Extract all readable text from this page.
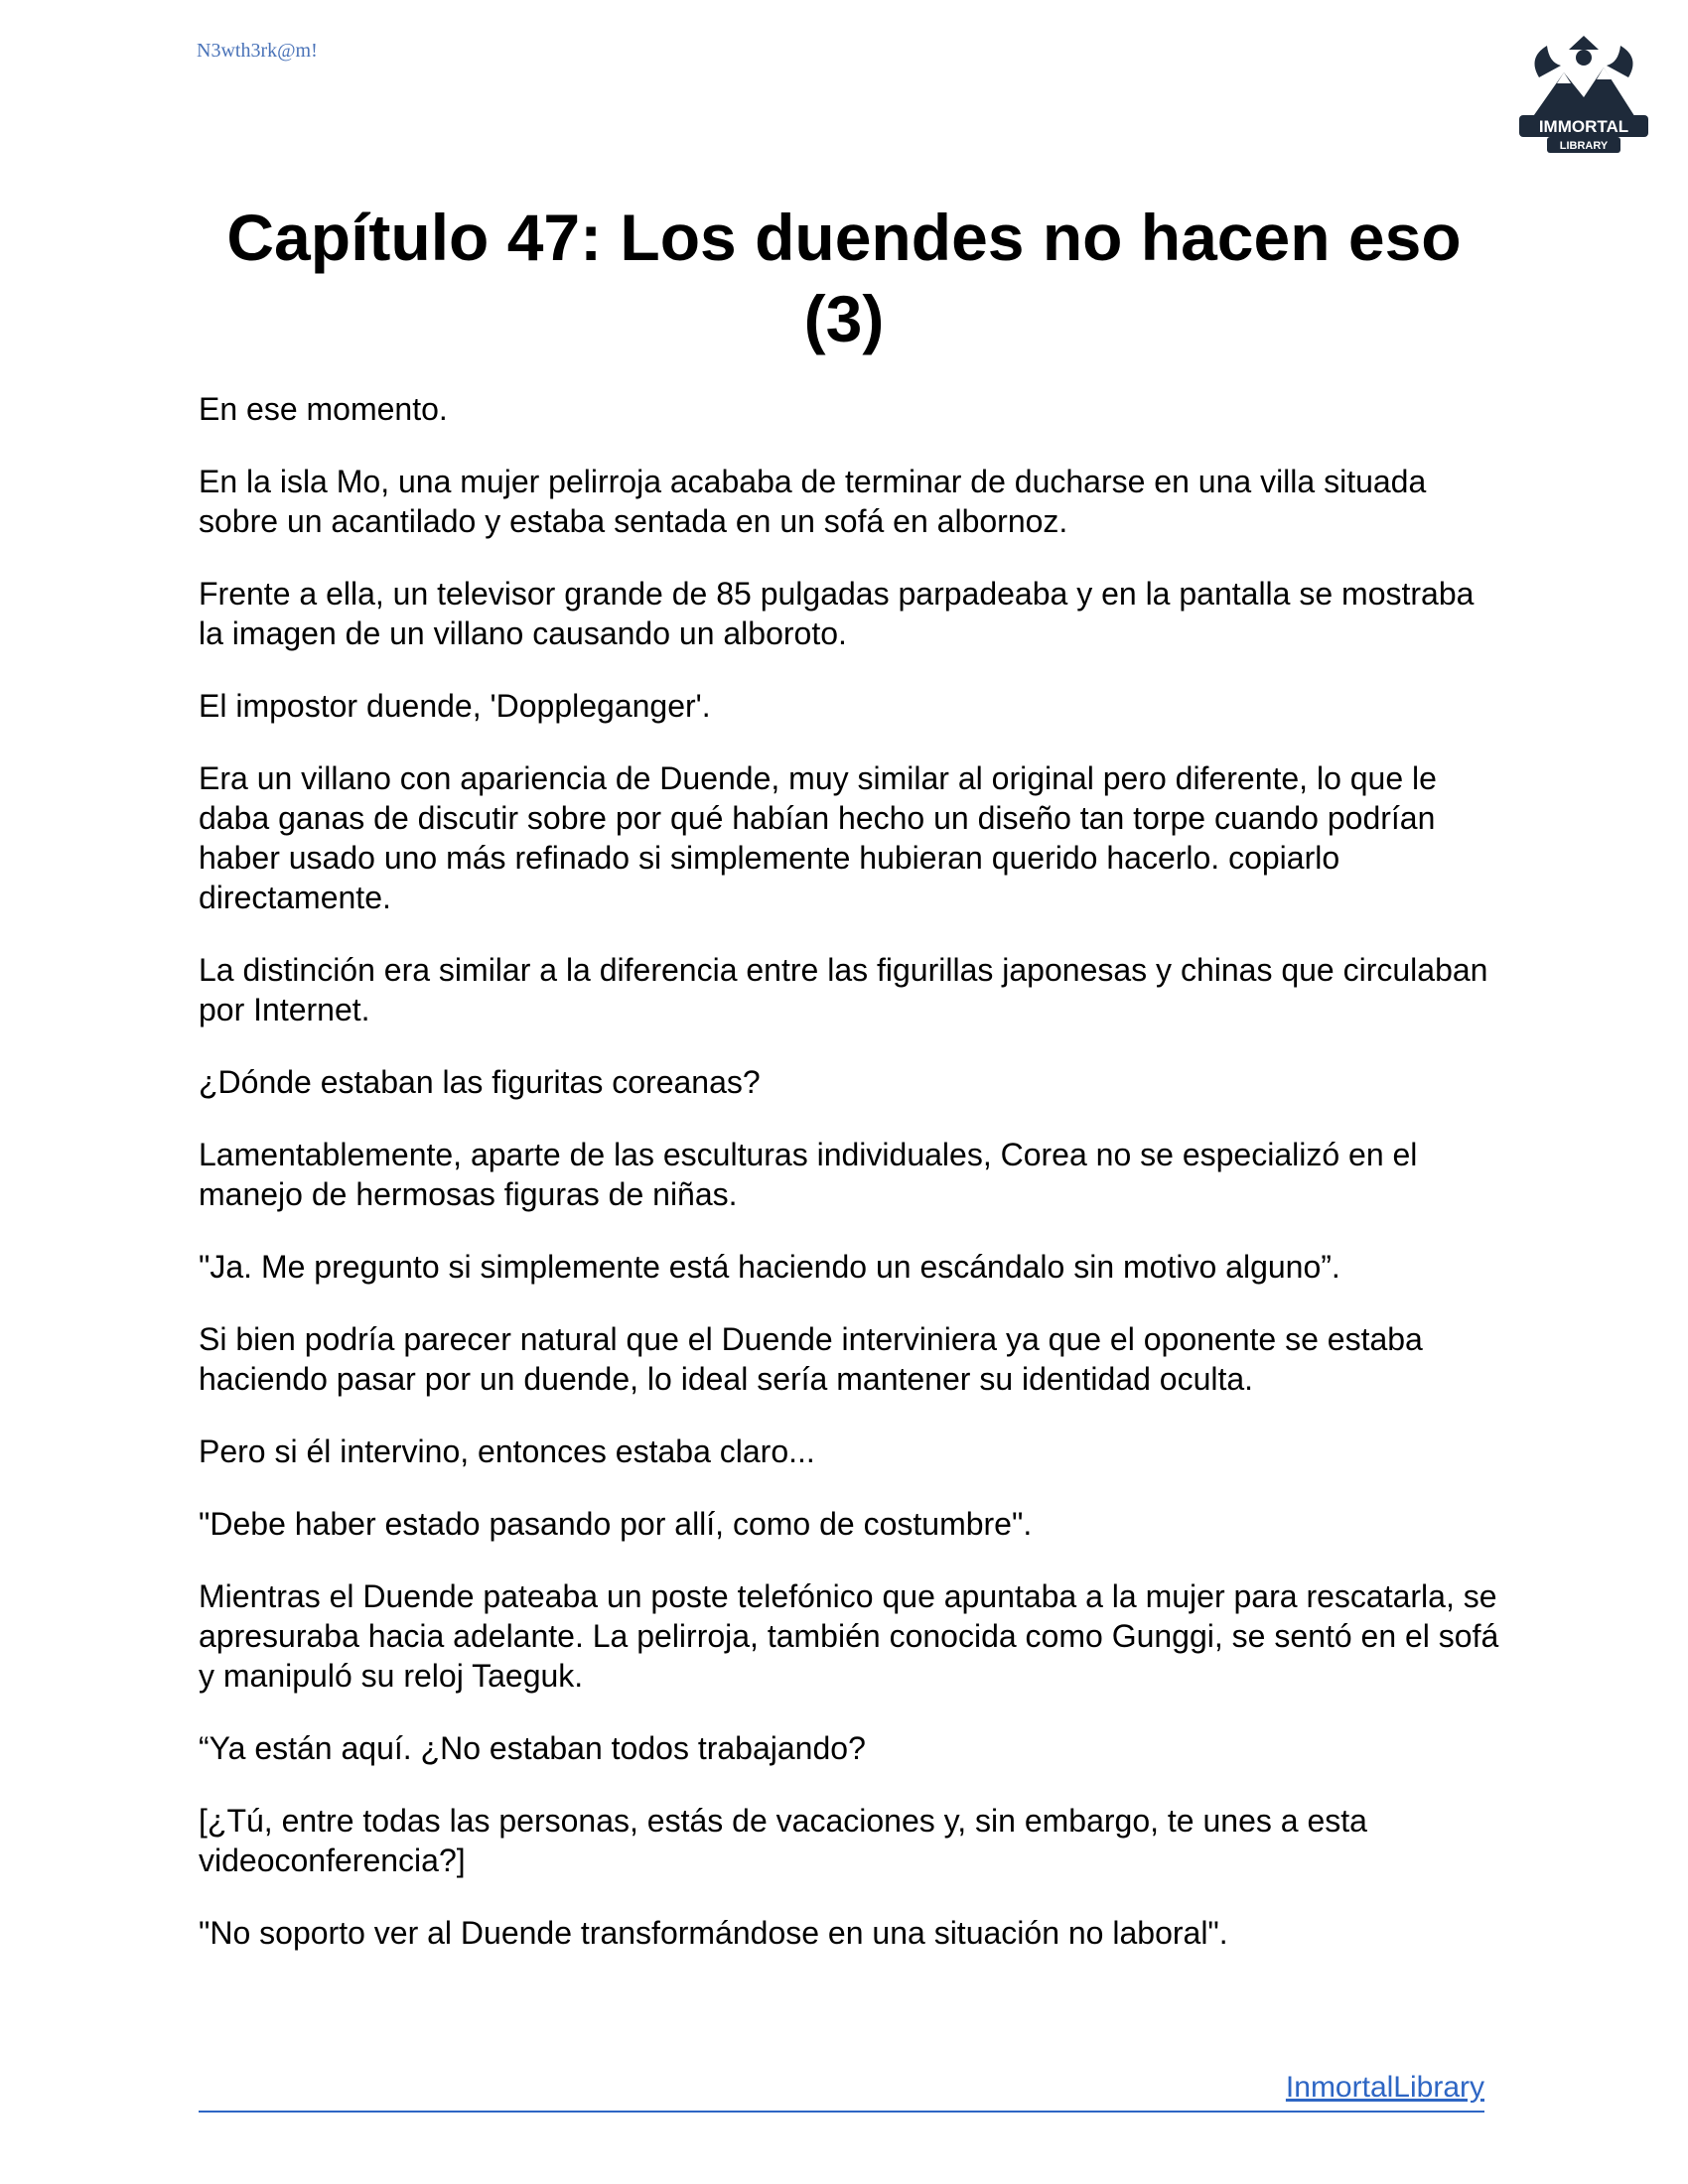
N3wth3rk@m!
IMMORTAL
LIBRARY
Capítulo 47: Los duendes no hacen eso (3)

En ese momento.

En la isla Mo, una mujer pelirroja acababa de terminar de ducharse en una villa situada sobre un acantilado y estaba sentada en un sofá en albornoz.

Frente a ella, un televisor grande de 85 pulgadas parpadeaba y en la pantalla se mostraba la imagen de un villano causando un alboroto.

El impostor duende, 'Doppleganger'.

Era un villano con apariencia de Duende, muy similar al original pero diferente, lo que le daba ganas de discutir sobre por qué habían hecho un diseño tan torpe cuando podrían haber usado uno más refinado si simplemente hubieran querido hacerlo. copiarlo directamente.

La distinción era similar a la diferencia entre las figurillas japonesas y chinas que circulaban por Internet.

¿Dónde estaban las figuritas coreanas?

Lamentablemente, aparte de las esculturas individuales, Corea no se especializó en el manejo de hermosas figuras de niñas.

"Ja. Me pregunto si simplemente está haciendo un escándalo sin motivo alguno”.

Si bien podría parecer natural que el Duende interviniera ya que el oponente se estaba haciendo pasar por un duende, lo ideal sería mantener su identidad oculta.

Pero si él intervino, entonces estaba claro...

"Debe haber estado pasando por allí, como de costumbre".

Mientras el Duende pateaba un poste telefónico que apuntaba a la mujer para rescatarla, se apresuraba hacia adelante. La pelirroja, también conocida como Gunggi, se sentó en el sofá y manipuló su reloj Taeguk.

“Ya están aquí. ¿No estaban todos trabajando?

[¿Tú, entre todas las personas, estás de vacaciones y, sin embargo, te unes a esta videoconferencia?]

"No soporto ver al Duende transformándose en una situación no laboral".

InmortalLibrary
